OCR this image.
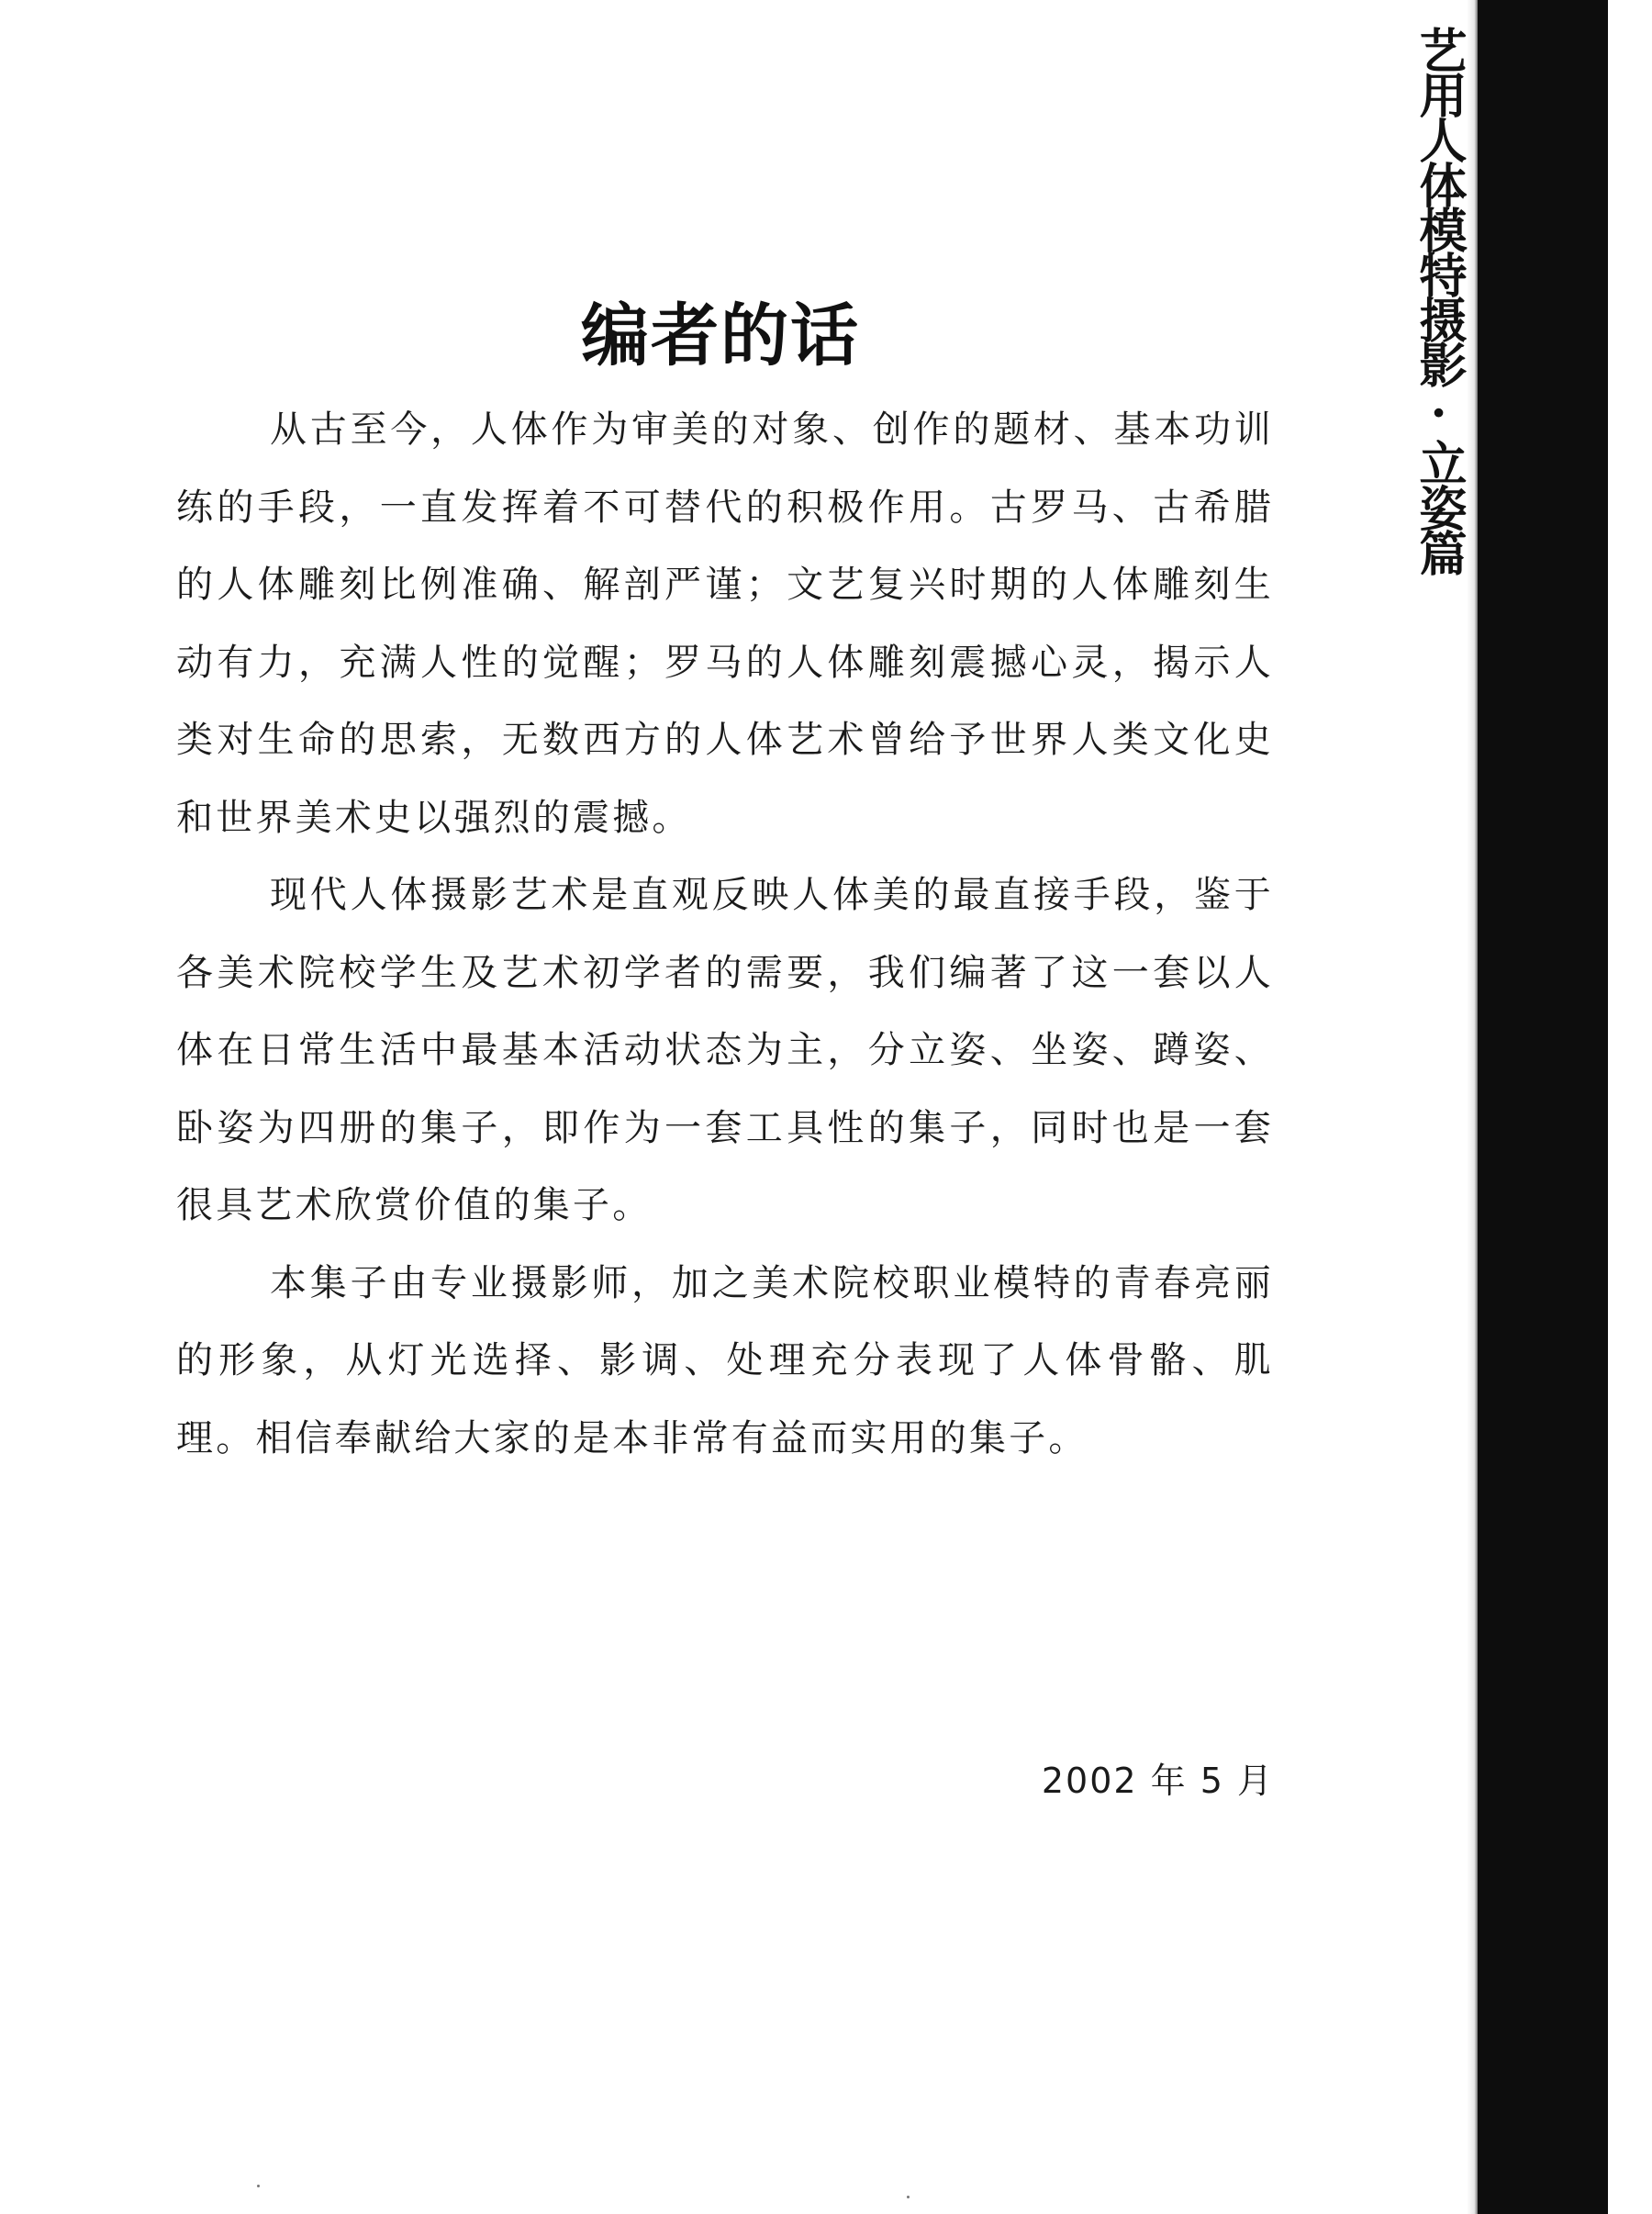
艺用人体模特摄影·立姿篇
编者的话

从古至今，人体作为审美的对象、创作的题材、基本功训练的手段，一直发挥着不可替代的积极作用。古罗马、古希腊的人体雕刻比例准确、解剖严谨；文艺复兴时期的人体雕刻生动有力，充满人性的觉醒；罗马的人体雕刻震撼心灵，揭示人类对生命的思索，无数西方的人体艺术曾给予世界人类文化史和世界美术史以强烈的震撼。

现代人体摄影艺术是直观反映人体美的最直接手段，鉴于各美术院校学生及艺术初学者的需要，我们编著了这一套以人体在日常生活中最基本活动状态为主，分立姿、坐姿、蹲姿、卧姿为四册的集子，即作为一套工具性的集子，同时也是一套很具艺术欣赏价值的集子。

本集子由专业摄影师，加之美术院校职业模特的青春亮丽的形象，从灯光选择、影调、处理充分表现了人体骨骼、肌理。相信奉献给大家的是本非常有益而实用的集子。

2002 年 5 月
